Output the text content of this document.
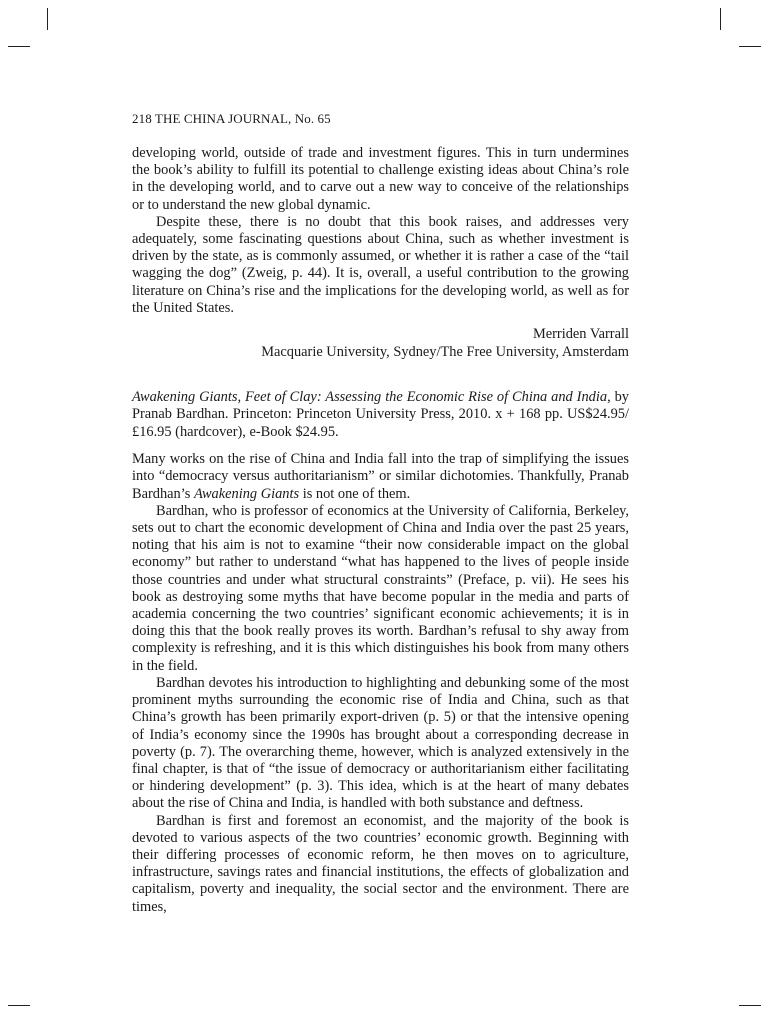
218 THE CHINA JOURNAL, No. 65

developing world, outside of trade and investment figures. This in turn undermines the book’s ability to fulfill its potential to challenge existing ideas about China’s role in the developing world, and to carve out a new way to conceive of the relationships or to understand the new global dynamic.

Despite these, there is no doubt that this book raises, and addresses very adequately, some fascinating questions about China, such as whether investment is driven by the state, as is commonly assumed, or whether it is rather a case of the “tail wagging the dog” (Zweig, p. 44). It is, overall, a useful contribution to the growing literature on China’s rise and the implications for the developing world, as well as for the United States.

Merriden Varrall
Macquarie University, Sydney/The Free University, Amsterdam
Awakening Giants, Feet of Clay: Assessing the Economic Rise of China and India, by Pranab Bardhan. Princeton: Princeton University Press, 2010. x + 168 pp. US$24.95/£16.95 (hardcover), e-Book $24.95.

Many works on the rise of China and India fall into the trap of simplifying the issues into “democracy versus authoritarianism” or similar dichotomies. Thankfully, Pranab Bardhan’s Awakening Giants is not one of them.

Bardhan, who is professor of economics at the University of California, Berkeley, sets out to chart the economic development of China and India over the past 25 years, noting that his aim is not to examine “their now considerable impact on the global economy” but rather to understand “what has happened to the lives of people inside those countries and under what structural constraints” (Preface, p. vii). He sees his book as destroying some myths that have become popular in the media and parts of academia concerning the two countries’ significant economic achievements; it is in doing this that the book really proves its worth. Bardhan’s refusal to shy away from complexity is refreshing, and it is this which distinguishes his book from many others in the field.

Bardhan devotes his introduction to highlighting and debunking some of the most prominent myths surrounding the economic rise of India and China, such as that China’s growth has been primarily export-driven (p. 5) or that the intensive opening of India’s economy since the 1990s has brought about a corresponding decrease in poverty (p. 7). The overarching theme, however, which is analyzed extensively in the final chapter, is that of “the issue of democracy or authoritarianism either facilitating or hindering development” (p. 3). This idea, which is at the heart of many debates about the rise of China and India, is handled with both substance and deftness.

Bardhan is first and foremost an economist, and the majority of the book is devoted to various aspects of the two countries’ economic growth. Beginning with their differing processes of economic reform, he then moves on to agriculture, infrastructure, savings rates and financial institutions, the effects of globalization and capitalism, poverty and inequality, the social sector and the environment. There are times,
